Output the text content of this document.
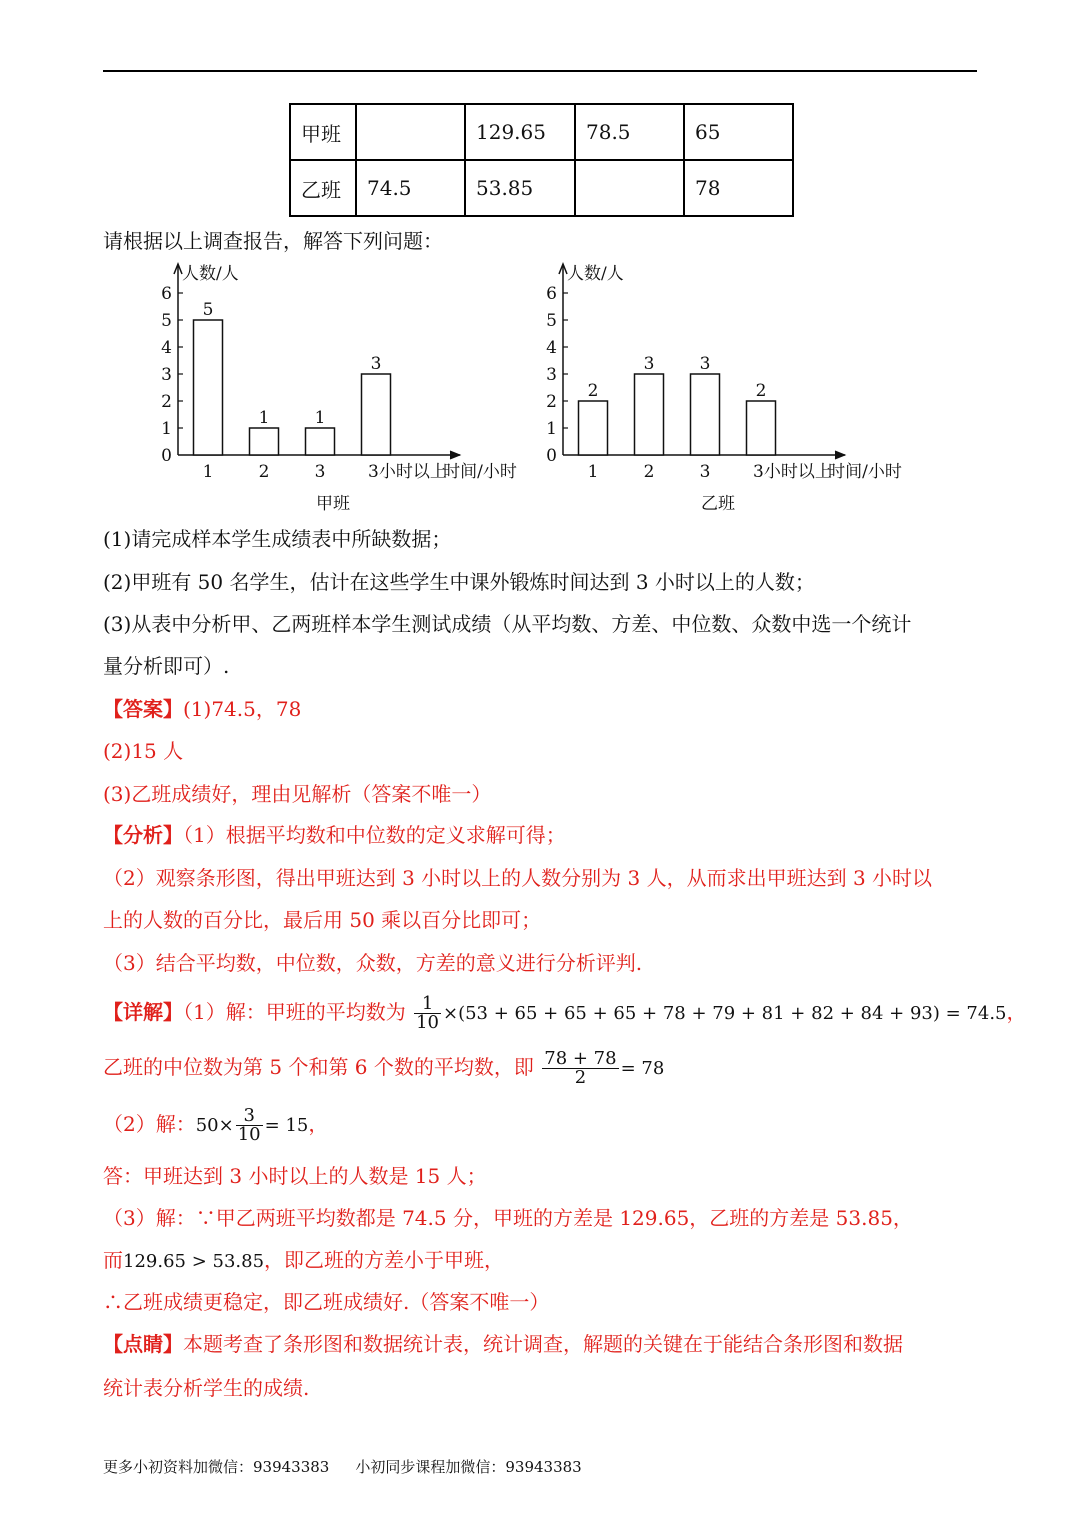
甲班		129.65	78.5	65
乙班	74.5	53.85		78
请根据以上调查报告，解答下列问题：
人数/人
0
1
2
3
4
5
6
5
1
1
2
1
3
3
3小时以上
时间/小时
甲班
人数/人
0
1
2
3
4
5
6
2
1
3
2
3
3
2
3小时以上
时间/小时
乙班
(1)请完成样本学生成绩表中所缺数据；
(2)甲班有 50 名学生，估计在这些学生中课外锻炼时间达到 3 小时以上的人数；
(3)从表中分析甲、乙两班样本学生测试成绩（从平均数、方差、中位数、众数中选一个统计
量分析即可）.
【答案】(1)74.5，78
(2)15 人
(3)乙班成绩好，理由见解析（答案不唯一）
【分析】（1）根据平均数和中位数的定义求解可得；
（2）观察条形图，得出甲班达到 3 小时以上的人数分别为 3 人，从而求出甲班达到 3 小时以
上的人数的百分比，最后用 50 乘以百分比即可；
（3）结合平均数，中位数，众数，方差的意义进行分析评判.
【详解】（1）解：甲班的平均数为 $\frac{1}{10} \times(53 + 65 + 65 + 65 + 78 + 79 + 81 + 82 + 84 + 93) = 74.5$，
乙班的中位数为第 5 个和第 6 个数的平均数，即 $\frac{78 + 78}{2} = 78$
（2）解：$50\times \frac{3}{10} = 15$，
答：甲班达到 3 小时以上的人数是 15 人；
（3）解：∵甲乙两班平均数都是 74.5 分，甲班的方差是 129.65，乙班的方差是 53.85，
而129.65 > 53.85，即乙班的方差小于甲班，
∴乙班成绩更稳定，即乙班成绩好.（答案不唯一）
【点睛】本题考查了条形图和数据统计表，统计调查，解题的关键在于能结合条形图和数据
统计表分析学生的成绩.
更多小初资料加微信：93943383 小初同步课程加微信：93943383
